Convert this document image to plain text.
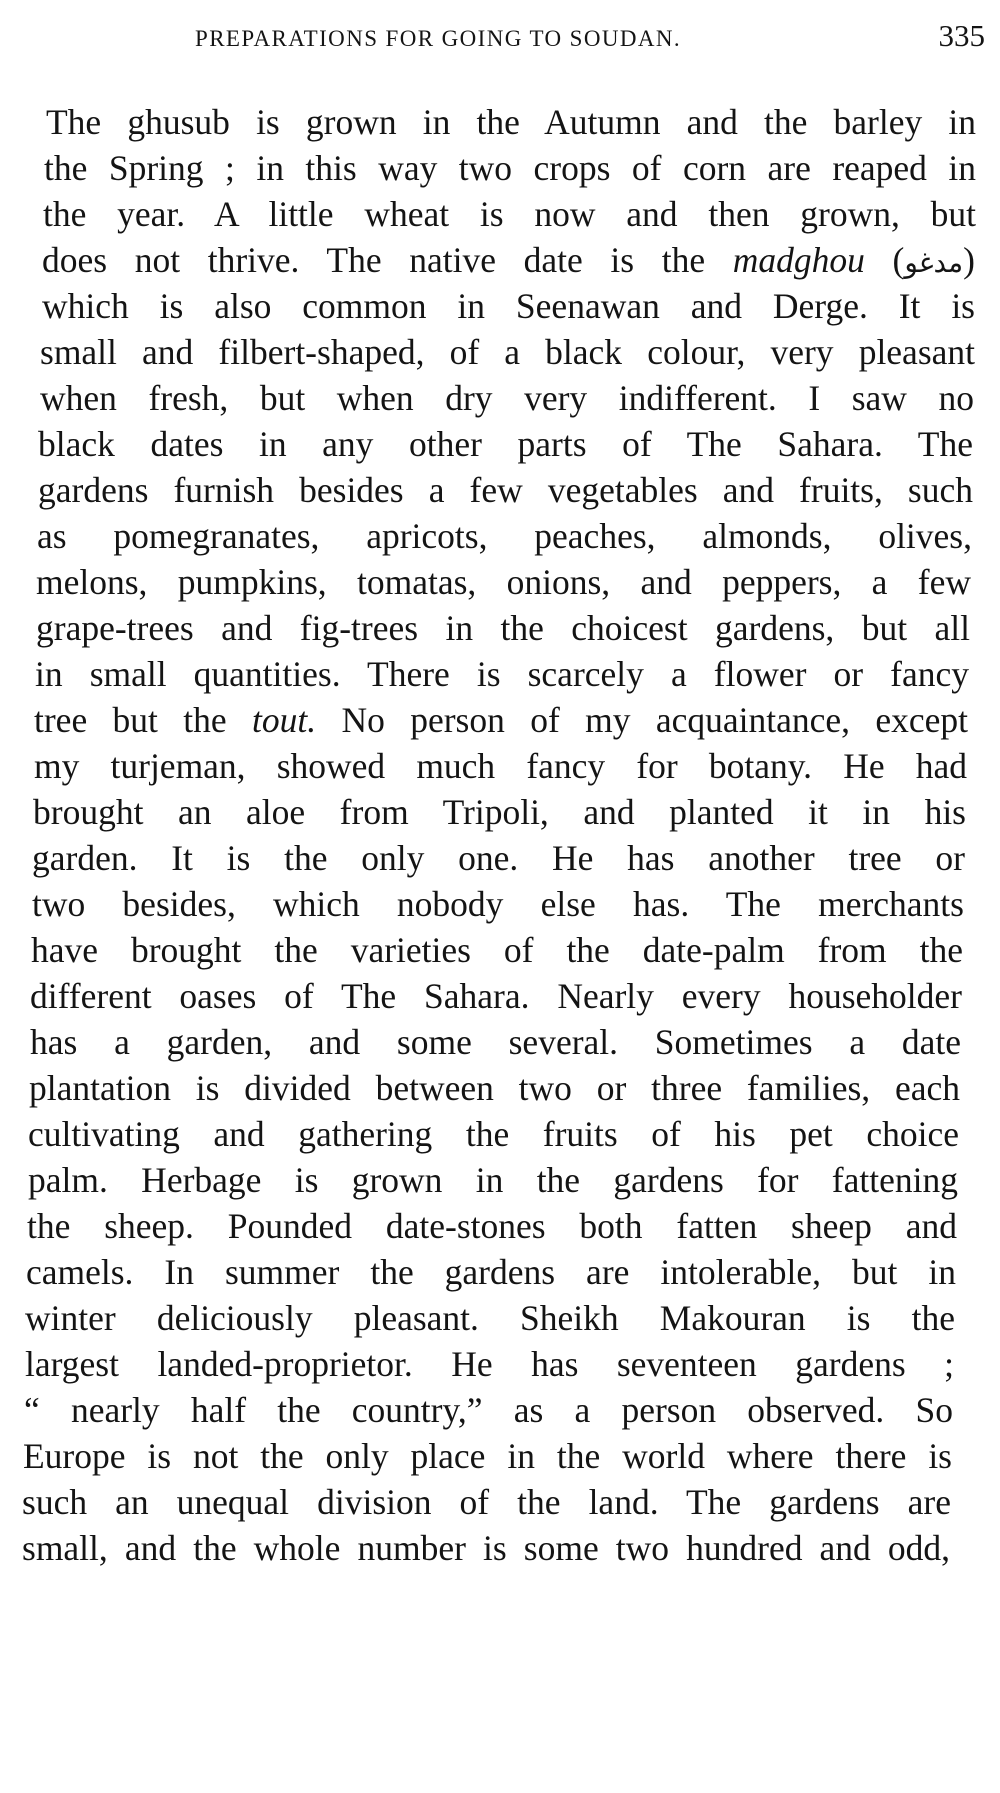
PREPARATIONS FOR GOING TO SOUDAN.	335
The ghusub is grown in the Autumn and the barley in
the Spring ; in this way two crops of corn are reaped in
the year. A little wheat is now and then grown, but
does not thrive. The native date is the madghou (مدغو)
which is also common in Seenawan and Derge. It is
small and filbert-shaped, of a black colour, very pleasant
when fresh, but when dry very indifferent. I saw no
black dates in any other parts of The Sahara. The
gardens furnish besides a few vegetables and fruits, such
as pomegranates, apricots, peaches, almonds, olives,
melons, pumpkins, tomatas, onions, and peppers, a few
grape-trees and fig-trees in the choicest gardens, but all
in small quantities. There is scarcely a flower or fancy
tree but the tout. No person of my acquaintance, except
my turjeman, showed much fancy for botany. He had
brought an aloe from Tripoli, and planted it in his
garden. It is the only one. He has another tree or
two besides, which nobody else has. The merchants
have brought the varieties of the date-palm from the
different oases of The Sahara. Nearly every householder
has a garden, and some several. Sometimes a date
plantation is divided between two or three families, each
cultivating and gathering the fruits of his pet choice
palm. Herbage is grown in the gardens for fattening
the sheep. Pounded date-stones both fatten sheep and
camels. In summer the gardens are intolerable, but in
winter deliciously pleasant. Sheikh Makouran is the
largest landed-proprietor. He has seventeen gardens ;
“ nearly half the country,” as a person observed. So
Europe is not the only place in the world where there is
such an unequal division of the land. The gardens are
small, and the whole number is some two hundred and odd,
